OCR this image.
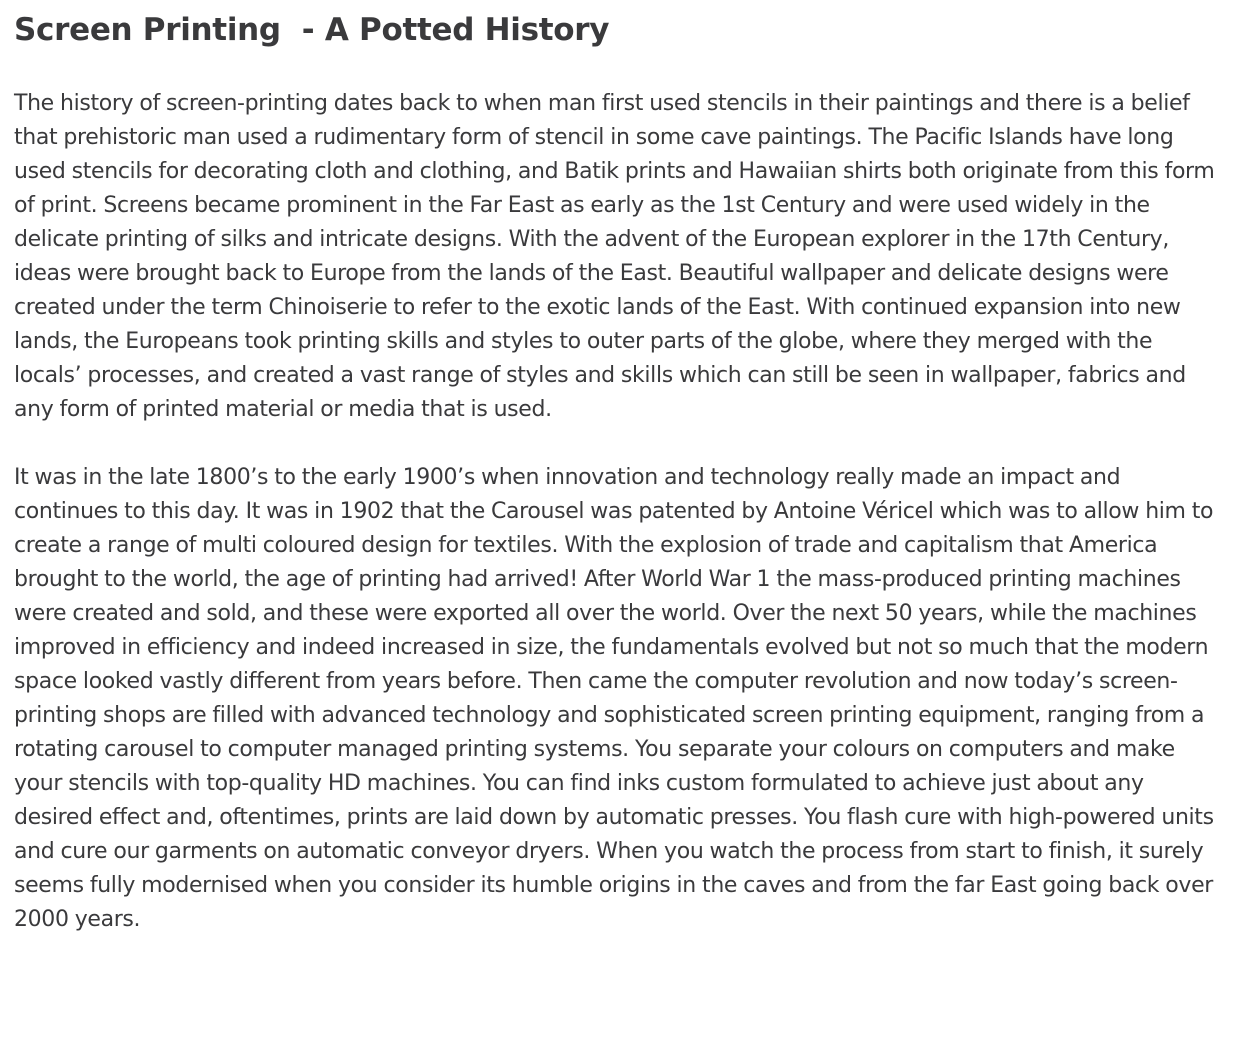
Screen Printing  - A Potted History

The history of screen-printing dates back to when man first used stencils in their paintings and there is a belief that prehistoric man used a rudimentary form of stencil in some cave paintings. The Pacific Islands have long used stencils for decorating cloth and clothing, and Batik prints and Hawaiian shirts both originate from this form of print. Screens became prominent in the Far East as early as the 1st Century and were used widely in the delicate printing of silks and intricate designs. With the advent of the European explorer in the 17th Century, ideas were brought back to Europe from the lands of the East. Beautiful wallpaper and delicate designs were created under the term Chinoiserie to refer to the exotic lands of the East. With continued expansion into new lands, the Europeans took printing skills and styles to outer parts of the globe, where they merged with the locals’ processes, and created a vast range of styles and skills which can still be seen in wallpaper, fabrics and any form of printed material or media that is used.

It was in the late 1800’s to the early 1900’s when innovation and technology really made an impact and continues to this day. It was in 1902 that the Carousel was patented by Antoine Véricel which was to allow him to create a range of multi coloured design for textiles. With the explosion of trade and capitalism that America brought to the world, the age of printing had arrived! After World War 1 the mass-produced printing machines were created and sold, and these were exported all over the world. Over the next 50 years, while the machines improved in efficiency and indeed increased in size, the fundamentals evolved but not so much that the modern space looked vastly different from years before. Then came the computer revolution and now today’s screen-printing shops are filled with advanced technology and sophisticated screen printing equipment, ranging from a rotating carousel to computer managed printing systems. You separate your colours on computers and make your stencils with top-quality HD machines. You can find inks custom formulated to achieve just about any desired effect and, oftentimes, prints are laid down by automatic presses. You flash cure with high-powered units and cure our garments on automatic conveyor dryers. When you watch the process from start to finish, it surely seems fully modernised when you consider its humble origins in the caves and from the far East going back over 2000 years.
